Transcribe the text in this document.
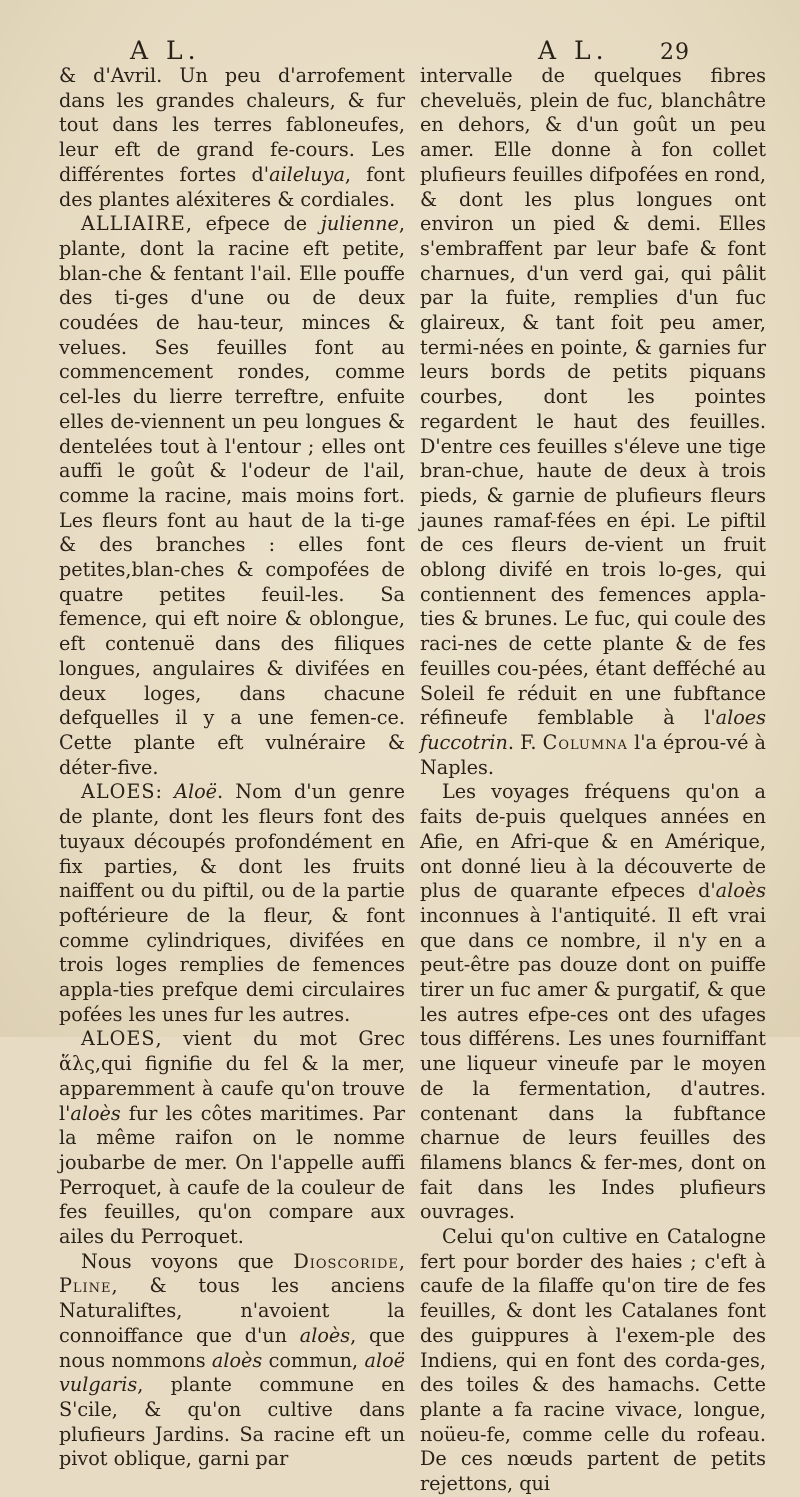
A L.	A L. 29

& d'Avril. Un peu d'arrofement dans les grandes chaleurs, & fur tout dans les terres fabloneufes, leur eft de grand fe-cours. Les différentes fortes d'aileluya, font des plantes aléxiteres & cordiales.

ALLIAIRE, efpece de julienne, plante, dont la racine eft petite, blan-che & fentant l'ail. Elle pouffe des ti-ges d'une ou de deux coudées de hau-teur, minces & velues. Ses feuilles font au commencement rondes, comme cel-les du lierre terreftre, enfuite elles de-viennent un peu longues & dentelées tout à l'entour ; elles ont auffi le goût & l'odeur de l'ail, comme la racine, mais moins fort. Les fleurs font au haut de la ti-ge & des branches : elles font petites,blan-ches & compofées de quatre petites feuil-les. Sa femence, qui eft noire & oblongue, eft contenuë dans des filiques longues, angulaires & divifées en deux loges, dans chacune defquelles il y a une femen-ce. Cette plante eft vulnéraire & déter-five.

ALOES: Aloë. Nom d'un genre de plante, dont les fleurs font des tuyaux découpés profondément en fix parties, & dont les fruits naiffent ou du piftil, ou de la partie poftérieure de la fleur, & font comme cylindriques, divifées en trois loges remplies de femences appla-ties prefque demi circulaires pofées les unes fur les autres.

ALOES, vient du mot Grec ἅλς,qui fignifie du fel & la mer, apparemment à caufe qu'on trouve l'aloès fur les côtes maritimes. Par la même raifon on le nomme joubarbe de mer. On l'appelle auffi Perroquet, à caufe de la couleur de fes feuilles, qu'on compare aux ailes du Perroquet.

Nous voyons que Dioscoride, Pline, & tous les anciens Naturaliftes, n'avoient la connoiffance que d'un aloès, que nous nommons aloès commun, aloë vulgaris, plante commune en S'cile, & qu'on cultive dans plufieurs Jardins. Sa racine eft un pivot oblique, garni par

intervalle de quelques fibres cheveluës, plein de fuc, blanchâtre en dehors, & d'un goût un peu amer. Elle donne à fon collet plufieurs feuilles difpofées en rond, & dont les plus longues ont environ un pied & demi. Elles s'embraffent par leur bafe & font charnues, d'un verd gai, qui pâlit par la fuite, remplies d'un fuc glaireux, & tant foit peu amer, termi-nées en pointe, & garnies fur leurs bords de petits piquans courbes, dont les pointes regardent le haut des feuilles. D'entre ces feuilles s'éleve une tige bran-chue, haute de deux à trois pieds, & garnie de plufieurs fleurs jaunes ramaf-fées en épi. Le piftil de ces fleurs de-vient un fruit oblong divifé en trois lo-ges, qui contiennent des femences appla-ties & brunes. Le fuc, qui coule des raci-nes de cette plante & de fes feuilles cou-pées, étant defféché au Soleil fe réduit en une fubftance réfineufe femblable à l'aloes fuccotrin. F. Columna l'a éprou-vé à Naples.

Les voyages fréquens qu'on a faits de-puis quelques années en Afie, en Afri-que & en Amérique, ont donné lieu à la découverte de plus de quarante efpeces d'aloès inconnues à l'antiquité. Il eft vrai que dans ce nombre, il n'y en a peut-être pas douze dont on puiffe tirer un fuc amer & purgatif, & que les autres efpe-ces ont des ufages tous différens. Les unes fourniffant une liqueur vineufe par le moyen de la fermentation, d'autres. contenant dans la fubftance charnue de leurs feuilles des filamens blancs & fer-mes, dont on fait dans les Indes plufieurs ouvrages.

Celui qu'on cultive en Catalogne fert pour border des haies ; c'eft à caufe de la filaffe qu'on tire de fes feuilles, & dont les Catalanes font des guippures à l'exem-ple des Indiens, qui en font des corda-ges, des toiles & des hamachs. Cette plante a fa racine vivace, longue, noüeu-fe, comme celle du rofeau. De ces nœuds partent de petits rejettons, qui
